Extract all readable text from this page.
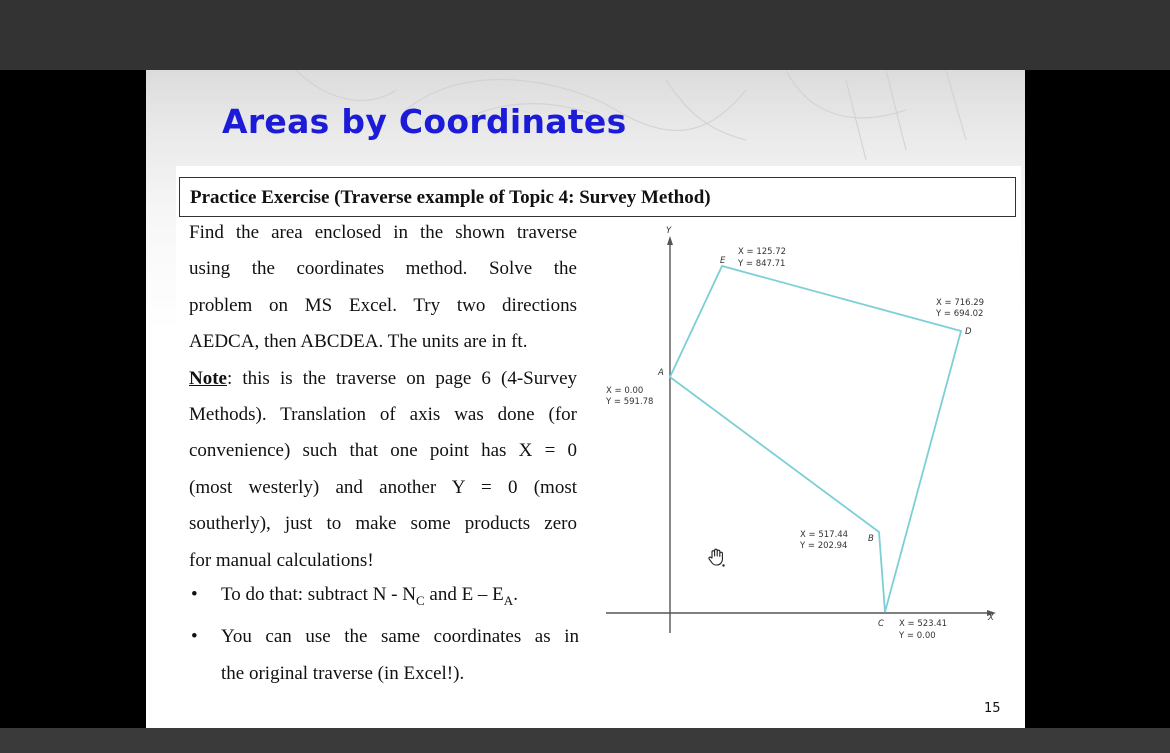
Areas by Coordinates
Practice Exercise (Traverse example of Topic 4: Survey Method)
Find the area enclosed in the shown traverse
using the coordinates method. Solve the
problem on MS Excel. Try two directions
AEDCA, then ABCDEA. The units are in ft.
Note: this is the traverse on page 6 (4-Survey
Methods). Translation of axis was done (for
convenience) such that one point has X = 0
(most westerly) and another Y = 0 (most
southerly), just to make some products zero
for manual calculations!
•	To do that: subtract N - $N_C$ and E – $E_A$.
•	You can use the same coordinates as in
the original traverse (in Excel!).
Y
X
A
X = 0.00
Y = 591.78
B
X = 517.44
Y = 202.94
C X = 523.41
Y = 0.00
D
X = 716.29
Y = 694.02
E
X = 125.72
Y = 847.71
15
